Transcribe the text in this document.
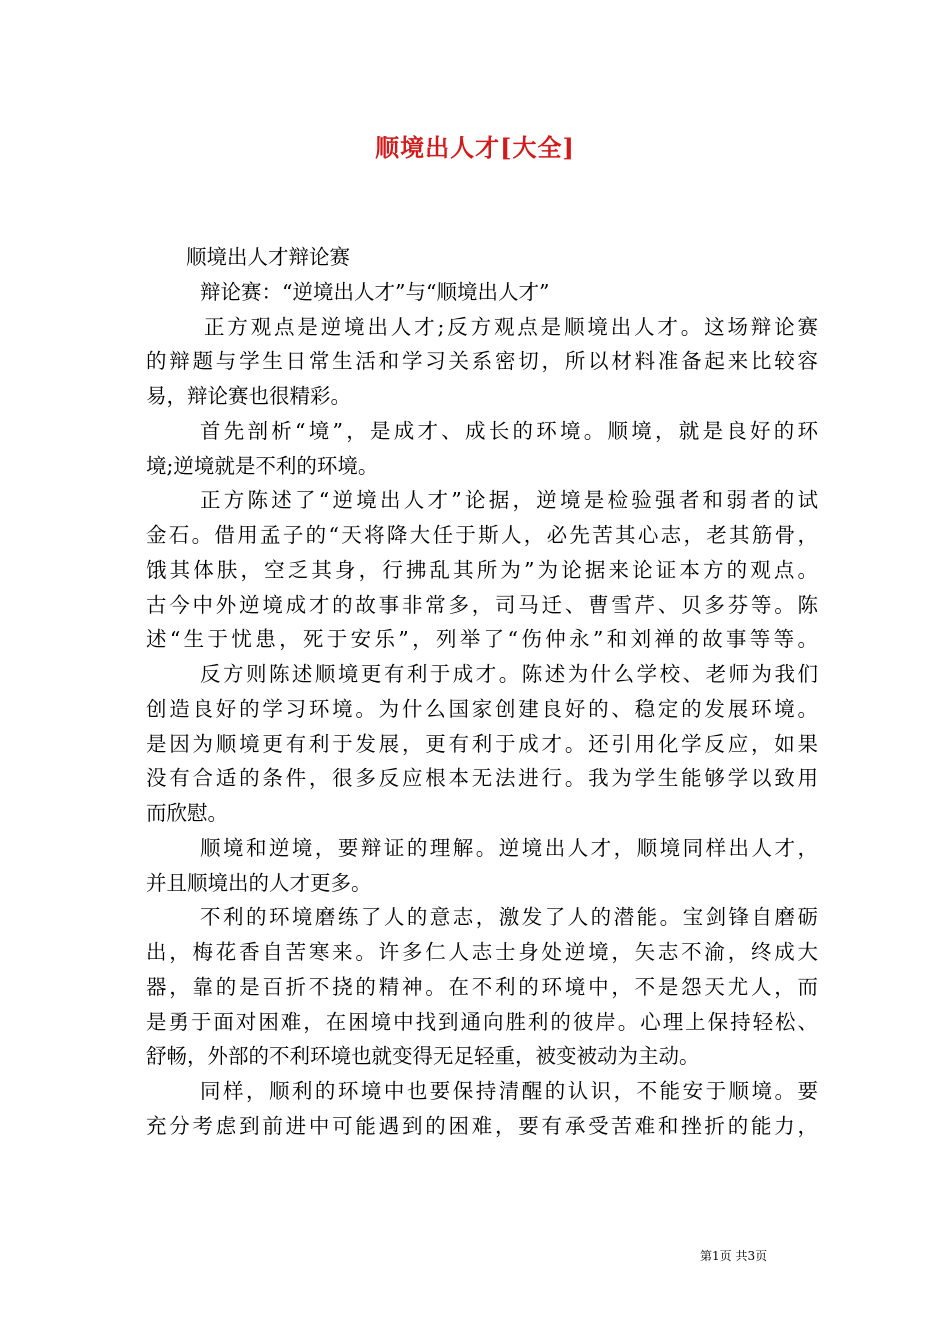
顺境出人才[大全]
顺境出人才辩论赛
辩论赛：“逆境出人才”与“顺境出人才”
正方观点是逆境出人才;反方观点是顺境出人才。这场辩论赛
的辩题与学生日常生活和学习关系密切，所以材料准备起来比较容
易，辩论赛也很精彩。
首先剖析“境”，是成才、成长的环境。顺境，就是良好的环
境;逆境就是不利的环境。
正方陈述了“逆境出人才”论据，逆境是检验强者和弱者的试
金石。借用孟子的“天将降大任于斯人，必先苦其心志，老其筋骨，
饿其体肤，空乏其身，行拂乱其所为”为论据来论证本方的观点。
古今中外逆境成才的故事非常多，司马迁、曹雪芹、贝多芬等。陈
述“生于忧患，死于安乐”，列举了“伤仲永”和刘禅的故事等等。
反方则陈述顺境更有利于成才。陈述为什么学校、老师为我们
创造良好的学习环境。为什么国家创建良好的、稳定的发展环境。
是因为顺境更有利于发展，更有利于成才。还引用化学反应，如果
没有合适的条件，很多反应根本无法进行。我为学生能够学以致用
而欣慰。
顺境和逆境，要辩证的理解。逆境出人才，顺境同样出人才，
并且顺境出的人才更多。
不利的环境磨练了人的意志，激发了人的潜能。宝剑锋自磨砺
出，梅花香自苦寒来。许多仁人志士身处逆境，矢志不渝，终成大
器，靠的是百折不挠的精神。在不利的环境中，不是怨天尤人，而
是勇于面对困难，在困境中找到通向胜利的彼岸。心理上保持轻松、
舒畅，外部的不利环境也就变得无足轻重，被变被动为主动。
同样，顺利的环境中也要保持清醒的认识，不能安于顺境。要
充分考虑到前进中可能遇到的困难，要有承受苦难和挫折的能力，
第1页 共3页
